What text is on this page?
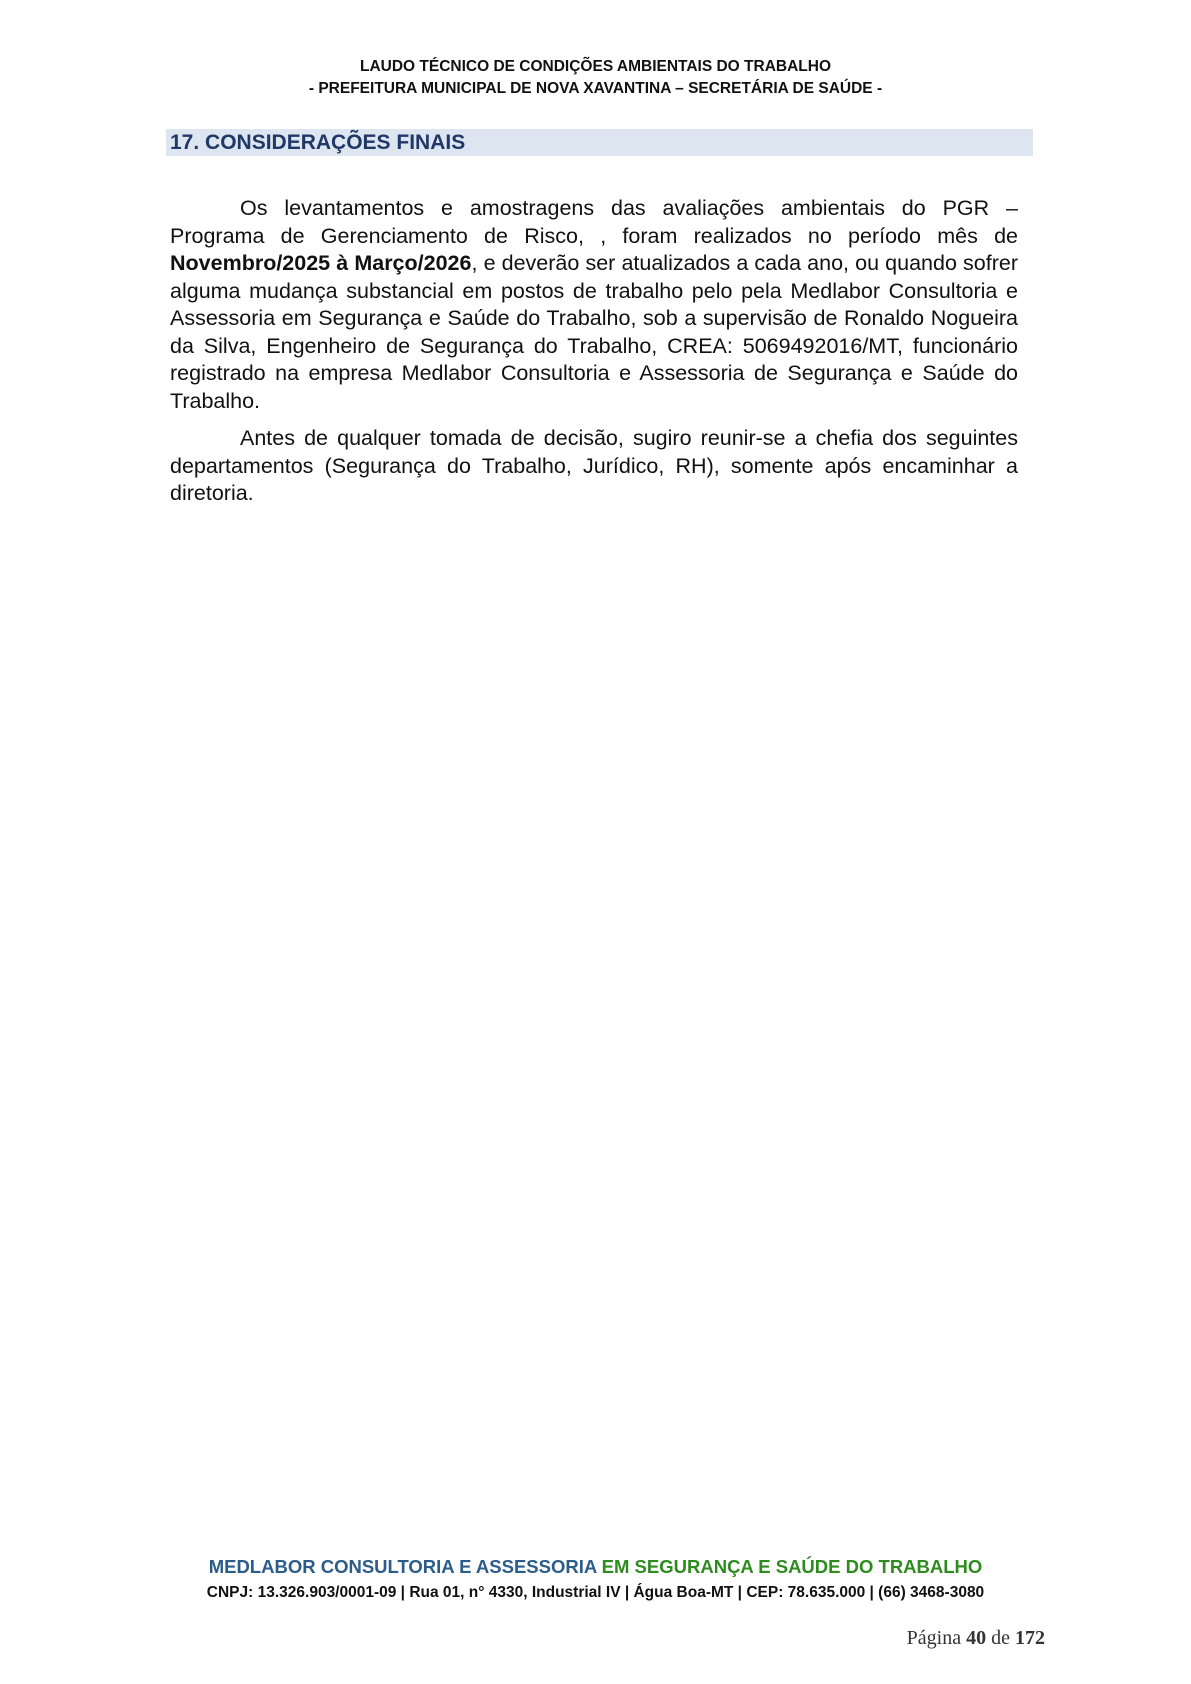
LAUDO TÉCNICO DE CONDIÇÕES AMBIENTAIS DO TRABALHO
- PREFEITURA MUNICIPAL DE NOVA XAVANTINA – SECRETÁRIA DE SAÚDE -
17. CONSIDERAÇÕES FINAIS

Os levantamentos e amostragens das avaliações ambientais do PGR – Programa de Gerenciamento de Risco, , foram realizados no período mês de Novembro/2025 à Março/2026, e deverão ser atualizados a cada ano, ou quando sofrer alguma mudança substancial em postos de trabalho pelo pela Medlabor Consultoria e Assessoria em Segurança e Saúde do Trabalho, sob a supervisão de Ronaldo Nogueira da Silva, Engenheiro de Segurança do Trabalho, CREA: 5069492016/MT, funcionário registrado na empresa Medlabor Consultoria e Assessoria de Segurança e Saúde do Trabalho.

Antes de qualquer tomada de decisão, sugiro reunir-se a chefia dos seguintes departamentos (Segurança do Trabalho, Jurídico, RH), somente após encaminhar a diretoria.

MEDLABOR CONSULTORIA E ASSESSORIA EM SEGURANÇA E SAÚDE DO TRABALHO
CNPJ: 13.326.903/0001-09 | Rua 01, n° 4330, Industrial IV | Água Boa-MT | CEP: 78.635.000 | (66) 3468-3080
Página 40 de 172
